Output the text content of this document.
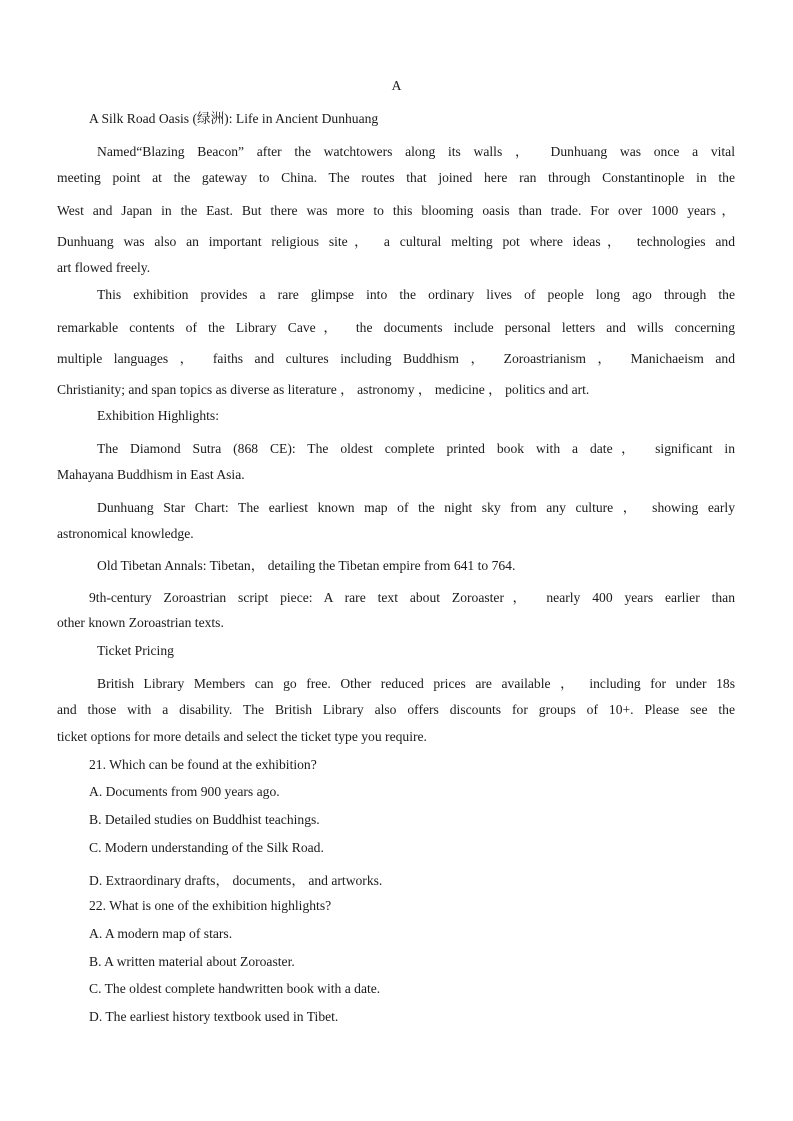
A
A Silk Road Oasis (绿洲): Life in Ancient Dunhuang
Named“Blazing Beacon” after the watchtowers along its walls ， Dunhuang was once a vital
meeting point at the gateway to China. The routes that joined here ran through Constantinople in the
West and Japan in the East. But there was more to this blooming oasis than trade. For over 1000 years，
Dunhuang was also an important religious site， a cultural melting pot where ideas， technologies and
art flowed freely.
This exhibition provides a rare glimpse into the ordinary lives of people long ago through the
remarkable contents of the Library Cave， the documents include personal letters and wills concerning
multiple languages ， faiths and cultures including Buddhism ， Zoroastrianism ， Manichaeism and
Christianity; and span topics as diverse as literature ， astronomy ， medicine ， politics and art.
Exhibition Highlights:
The Diamond Sutra (868 CE): The oldest complete printed book with a date， significant in
Mahayana Buddhism in East Asia.
Dunhuang Star Chart: The earliest known map of the night sky from any culture ， showing early
astronomical knowledge.
Old Tibetan Annals: Tibetan， detailing the Tibetan empire from 641 to 764.
9th-century Zoroastrian script piece: A rare text about Zoroaster， nearly 400 years earlier than
other known Zoroastrian texts.
Ticket Pricing
British Library Members can go free. Other reduced prices are available ， including for under 18s
and those with a disability. The British Library also offers discounts for groups of 10+. Please see the
ticket options for more details and select the ticket type you require.
21. Which can be found at the exhibition?
A. Documents from 900 years ago.
B. Detailed studies on Buddhist teachings.
C. Modern understanding of the Silk Road.
D. Extraordinary drafts， documents， and artworks.
22. What is one of the exhibition highlights?
A. A modern map of stars.
B. A written material about Zoroaster.
C. The oldest complete handwritten book with a date.
D. The earliest history textbook used in Tibet.
